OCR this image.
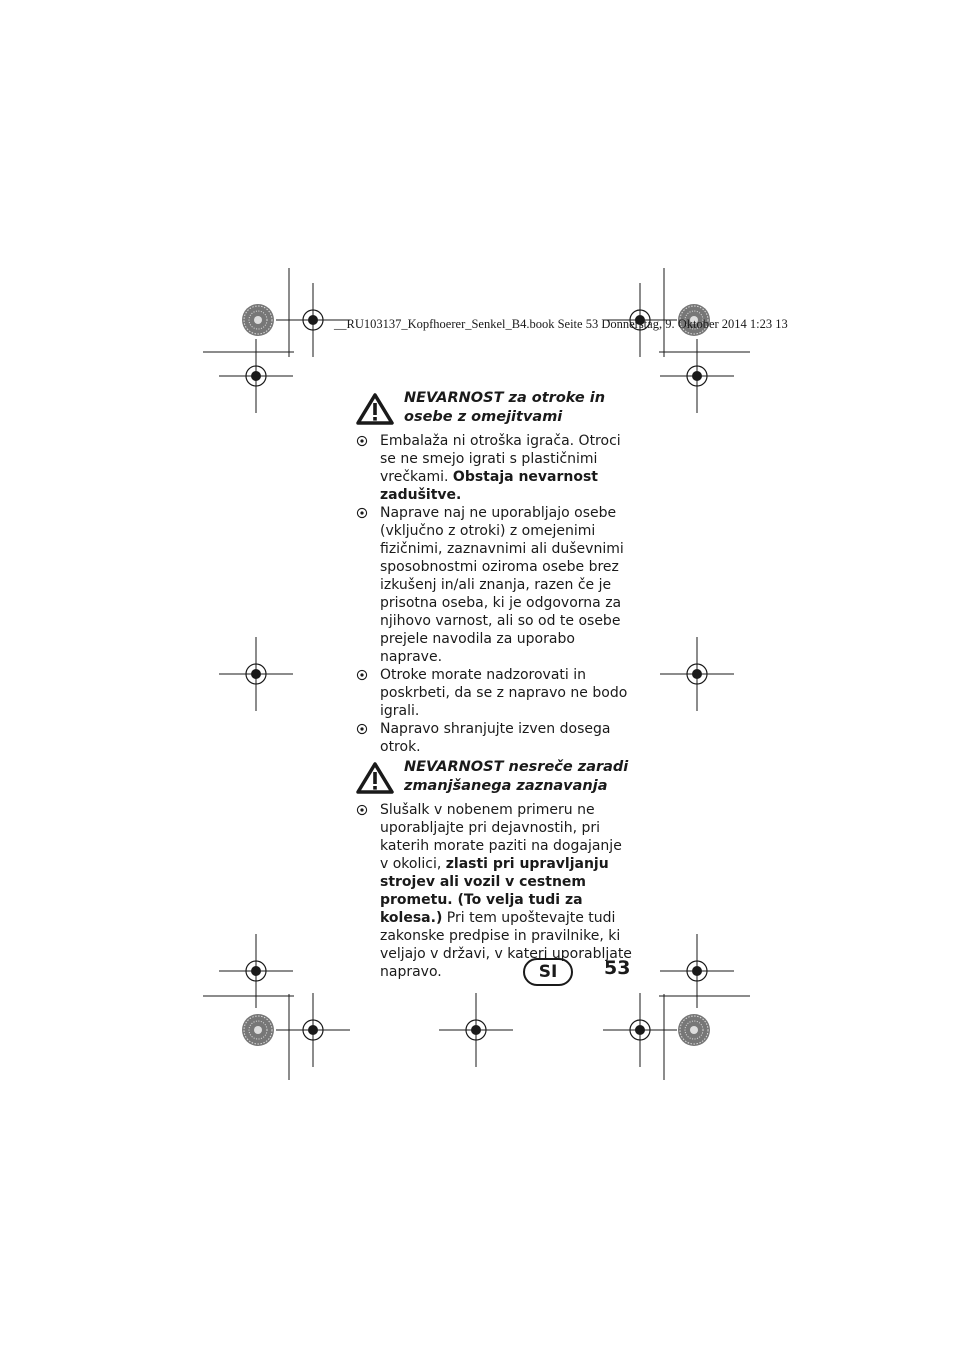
__RU103137_Kopfhoerer_Senkel_B4.book Seite 53 Donnerstag, 9. Oktober 2014 1:23 13
NEVARNOST za otroke in
osebe z omejitvami
Embalaža ni otroška igrača. Otroci se ne smejo igrati s plastičnimi vrečkami. Obstaja nevarnost zadušitve.
Naprave naj ne uporabljajo osebe (vključno z otroki) z omejenimi fizičnimi, zaznavnimi ali duševnimi sposobnostmi oziroma osebe brez izkušenj in/ali znanja, razen če je prisotna oseba, ki je odgovorna za njihovo varnost, ali so od te osebe prejele navodila za uporabo naprave.
Otroke morate nadzorovati in poskrbeti, da se z napravo ne bodo igrali.
Napravo shranjujte izven dosega otrok.
NEVARNOST nesreče zaradi
zmanjšanega zaznavanja
Slušalk v nobenem primeru ne uporabljajte pri dejavnostih, pri katerih morate paziti na dogajanje v okolici, zlasti pri upravljanju strojev ali vozil v cestnem prometu. (To velja tudi za kolesa.) Pri tem upoštevajte tudi zakonske predpise in pravilnike, ki veljajo v državi, v kateri uporabljate napravo.	SI	53
